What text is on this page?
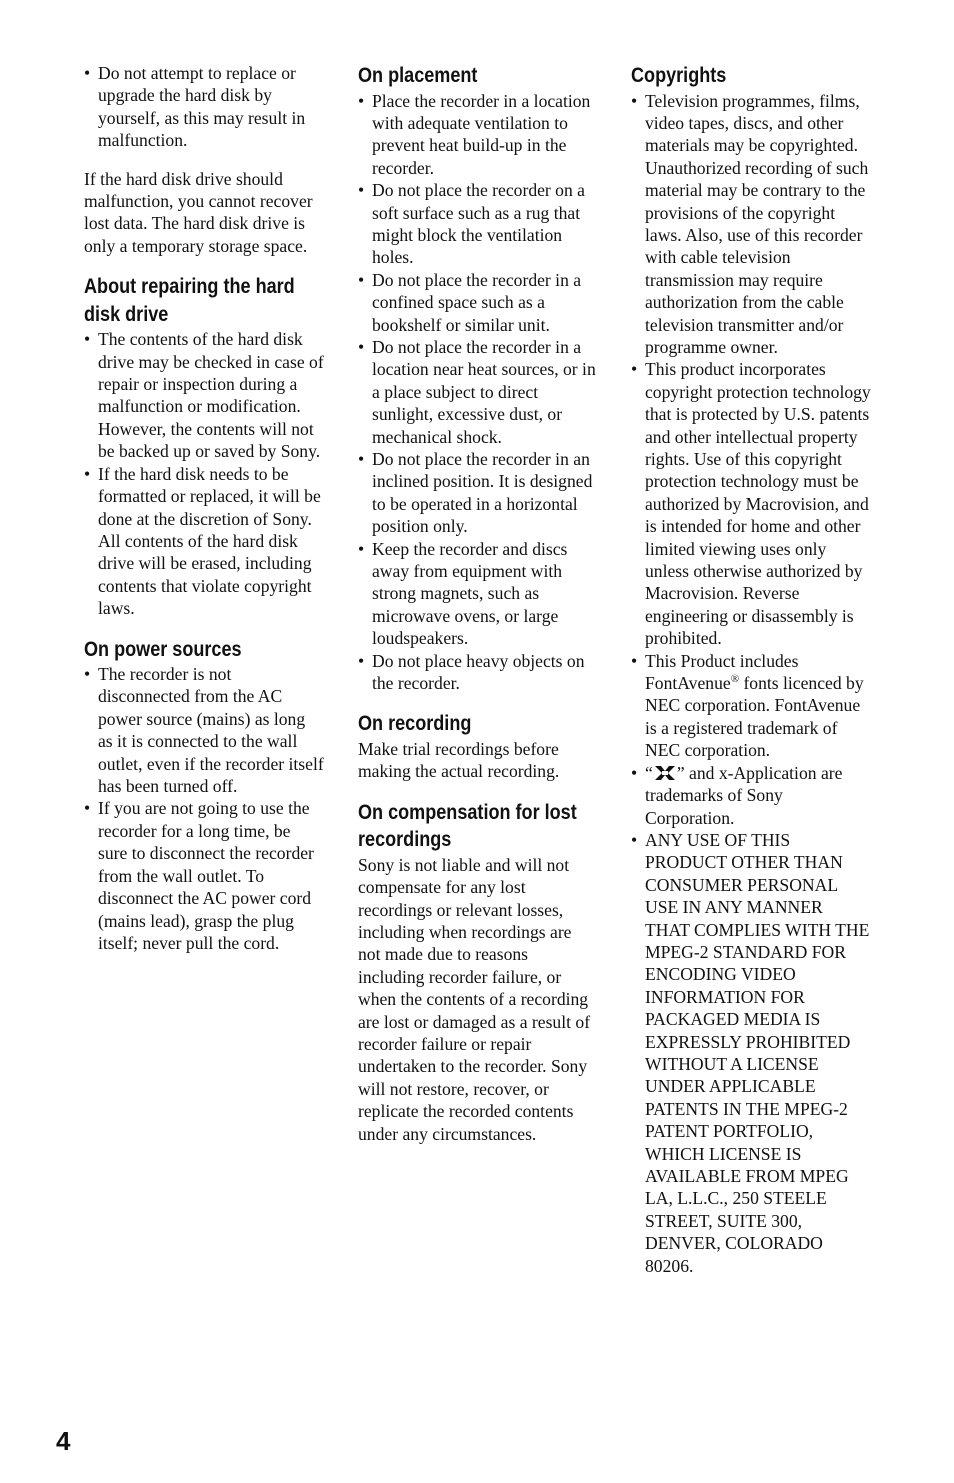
• Do not attempt to replace or upgrade the hard disk by yourself, as this may result in malfunction.

If the hard disk drive should malfunction, you cannot recover lost data. The hard disk drive is only a temporary storage space.

About repairing the hard disk drive
• The contents of the hard disk drive may be checked in case of repair or inspection during a malfunction or modification. However, the contents will not be backed up or saved by Sony.
• If the hard disk needs to be formatted or replaced, it will be done at the discretion of Sony. All contents of the hard disk drive will be erased, including contents that violate copyright laws.
On power sources
• The recorder is not disconnected from the AC power source (mains) as long as it is connected to the wall outlet, even if the recorder itself has been turned off.
• If you are not going to use the recorder for a long time, be sure to disconnect the recorder from the wall outlet. To disconnect the AC power cord (mains lead), grasp the plug itself; never pull the cord.
On placement
• Place the recorder in a location with adequate ventilation to prevent heat build-up in the recorder.
• Do not place the recorder on a soft surface such as a rug that might block the ventilation holes.
• Do not place the recorder in a confined space such as a bookshelf or similar unit.
• Do not place the recorder in a location near heat sources, or in a place subject to direct sunlight, excessive dust, or mechanical shock.
• Do not place the recorder in an inclined position. It is designed to be operated in a horizontal position only.
• Keep the recorder and discs away from equipment with strong magnets, such as microwave ovens, or large loudspeakers.
• Do not place heavy objects on the recorder.
On recording

Make trial recordings before making the actual recording.

On compensation for lost recordings

Sony is not liable and will not compensate for any lost recordings or relevant losses, including when recordings are not made due to reasons including recorder failure, or when the contents of a recording are lost or damaged as a result of recorder failure or repair undertaken to the recorder. Sony will not restore, recover, or replicate the recorded contents under any circumstances.

Copyrights
• Television programmes, films, video tapes, discs, and other materials may be copyrighted. Unauthorized recording of such material may be contrary to the provisions of the copyright laws. Also, use of this recorder with cable television transmission may require authorization from the cable television transmitter and/or programme owner.
• This product incorporates copyright protection technology that is protected by U.S. patents and other intellectual property rights. Use of this copyright protection technology must be authorized by Macrovision, and is intended for home and other limited viewing uses only unless otherwise authorized by Macrovision. Reverse engineering or disassembly is prohibited.
• This Product includes FontAvenue® fonts licenced by NEC corporation. FontAvenue is a registered trademark of NEC corporation.
• “ ” and x-Application are trademarks of Sony Corporation.
• ANY USE OF THIS PRODUCT OTHER THAN CONSUMER PERSONAL USE IN ANY MANNER THAT COMPLIES WITH THE MPEG-2 STANDARD FOR ENCODING VIDEO INFORMATION FOR PACKAGED MEDIA IS EXPRESSLY PROHIBITED WITHOUT A LICENSE UNDER APPLICABLE PATENTS IN THE MPEG-2 PATENT PORTFOLIO, WHICH LICENSE IS AVAILABLE FROM MPEG LA, L.L.C., 250 STEELE STREET, SUITE 300, DENVER, COLORADO 80206.
4
